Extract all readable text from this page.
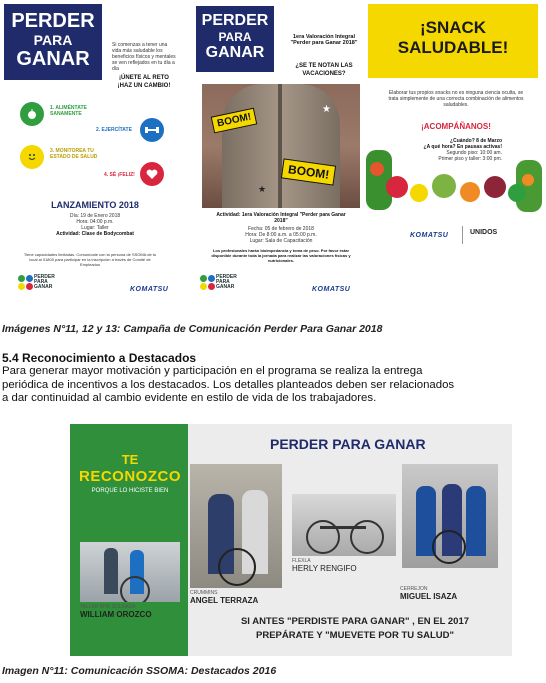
PERDER
PARA
GANAR
Si comenzas a tener una vida más saludable los beneficios físicos y mentales se ven reflejados en tu día a día
¡ÚNETE AL RETO ¡HAZ UN CAMBIO!
1. ALIMÉNTATE SANAMENTE
2. EJERCÍTATE
3. MONITOREA TU ESTADO DE SALUD
4. SÉ ¡FELIZ!
LANZAMIENTO 2018
Día: 19 de Enero 2018
Hora: 04:00 p.m.
Lugar: Taller
Actividad: Clase de Bodycombat
Tiene capacidades limitadas. Comunícate con la persona de SSOMA de tu local al 01800 para participar en la inscripción a través de Comité de Empleados
PERDER PARA GANAR	KOMATSU
PERDER
PARA
GANAR
1era Valoración Integral "Perder para Ganar 2018"
¿SE TE NOTAN LAS VACACIONES?
BOOM!
BOOM!
★
★
Actividad: 1era Valoración Integral "Perder para Ganar 2018"
Fecha: 05 de febrero de 2018
Hora: De 8:00 a.m. a 05:00 p.m.
Lugar: Sala de Capacitación
Los profesionales harán bioimpedancia y toma de peso. Por favor estar disponible durante toda la jornada para realizar las valoraciones físicas y nutricionales.
PERDER PARA GANAR	KOMATSU
¡SNACK
SALUDABLE!
Elaborar tus propios snacks no es ninguna ciencia oculta, se trata simplemente de una correcta combinación de alimentos saludables.
¡ACOMPÁÑANOS!
¿Cuándo? 8 de Marzo
¿A qué hora? En pausas activas!
Segundo piso: 10:00 am.
Primer piso y taller: 3:00 pm.
KOMATSU	UNIDOS
Imágenes N°11, 12 y 13: Campaña de Comunicación Perder Para Ganar 2018
5.4 Reconocimiento a Destacados
Para generar mayor motivación y participación en el programa se realiza la entrega
periódica de incentivos a los destacados. Los detalles planteados deben ser relacionados
a dar continuidad al cambio evidente en estilo de vida de los trabajadores.
TE
RECONOZCO
PORQUE LO HICISTE BIEN
PERDER PARA GANAR
TALLER BHS SOLDADA
WILLIAM OROZCO
CRUMMINS
ANGEL TERRAZA
FLEXLA
HERLY RENGIFO
CERREJON
MIGUEL ISAZA
SI ANTES "PERDISTE PARA GANAR" , EN EL 2017
PREPÁRATE Y "MUEVETE POR TU SALUD"
Imagen N°11: Comunicación SSOMA: Destacados 2016
